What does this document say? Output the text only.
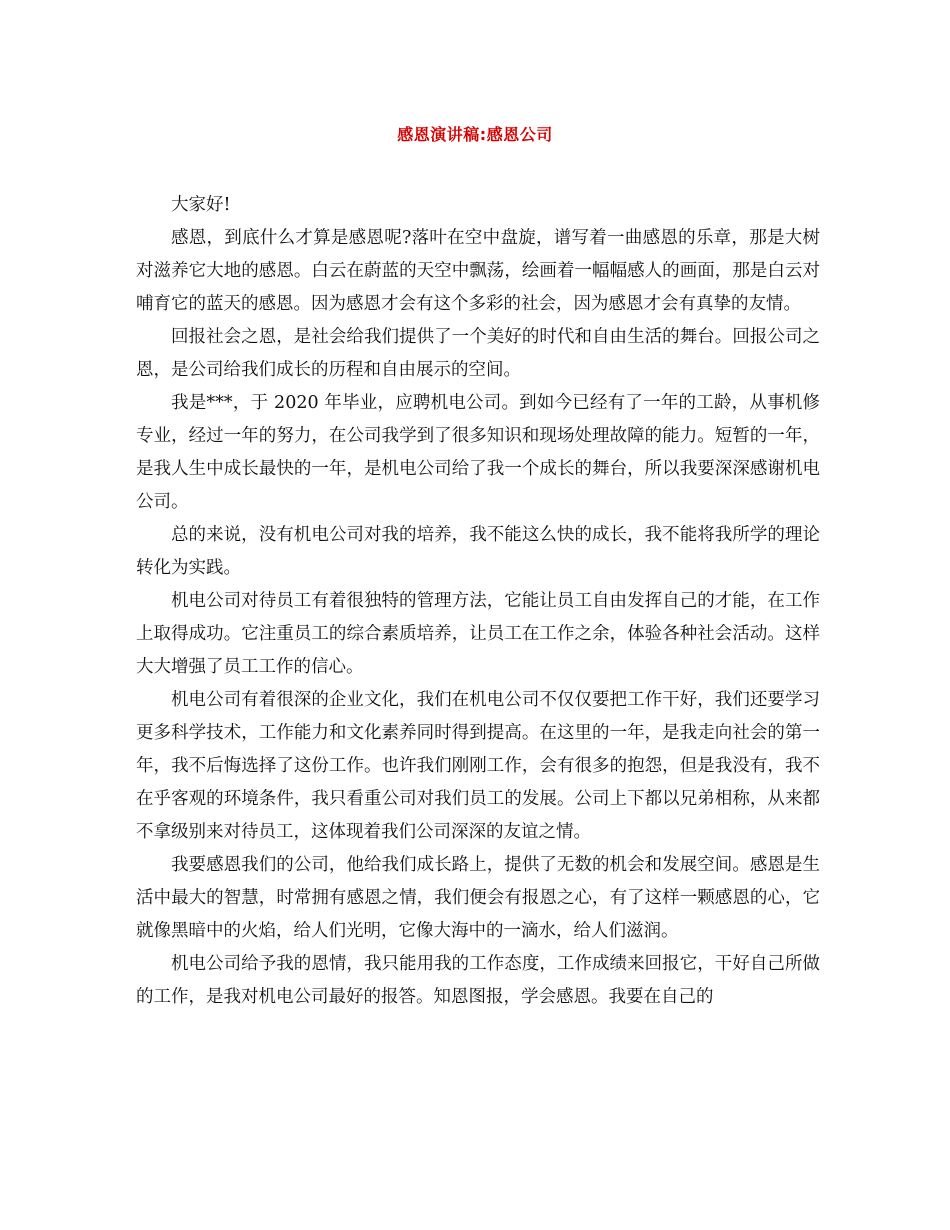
感恩演讲稿:感恩公司

大家好!

感恩，到底什么才算是感恩呢?落叶在空中盘旋，谱写着一曲感恩的乐章，那是大树对滋养它大地的感恩。白云在蔚蓝的天空中飘荡，绘画着一幅幅感人的画面，那是白云对哺育它的蓝天的感恩。因为感恩才会有这个多彩的社会，因为感恩才会有真挚的友情。

回报社会之恩，是社会给我们提供了一个美好的时代和自由生活的舞台。回报公司之恩，是公司给我们成长的历程和自由展示的空间。

我是***，于 2020 年毕业，应聘机电公司。到如今已经有了一年的工龄，从事机修专业，经过一年的努力，在公司我学到了很多知识和现场处理故障的能力。短暂的一年，是我人生中成长最快的一年，是机电公司给了我一个成长的舞台，所以我要深深感谢机电公司。

总的来说，没有机电公司对我的培养，我不能这么快的成长，我不能将我所学的理论转化为实践。

机电公司对待员工有着很独特的管理方法，它能让员工自由发挥自己的才能，在工作上取得成功。它注重员工的综合素质培养，让员工在工作之余，体验各种社会活动。这样大大增强了员工工作的信心。

机电公司有着很深的企业文化，我们在机电公司不仅仅要把工作干好，我们还要学习更多科学技术，工作能力和文化素养同时得到提高。在这里的一年，是我走向社会的第一年，我不后悔选择了这份工作。也许我们刚刚工作，会有很多的抱怨，但是我没有，我不在乎客观的环境条件，我只看重公司对我们员工的发展。公司上下都以兄弟相称，从来都不拿级别来对待员工，这体现着我们公司深深的友谊之情。

我要感恩我们的公司，他给我们成长路上，提供了无数的机会和发展空间。感恩是生活中最大的智慧，时常拥有感恩之情，我们便会有报恩之心，有了这样一颗感恩的心，它就像黑暗中的火焰，给人们光明，它像大海中的一滴水，给人们滋润。

机电公司给予我的恩情，我只能用我的工作态度，工作成绩来回报它，干好自己所做的工作，是我对机电公司最好的报答。知恩图报，学会感恩。我要在自己的
